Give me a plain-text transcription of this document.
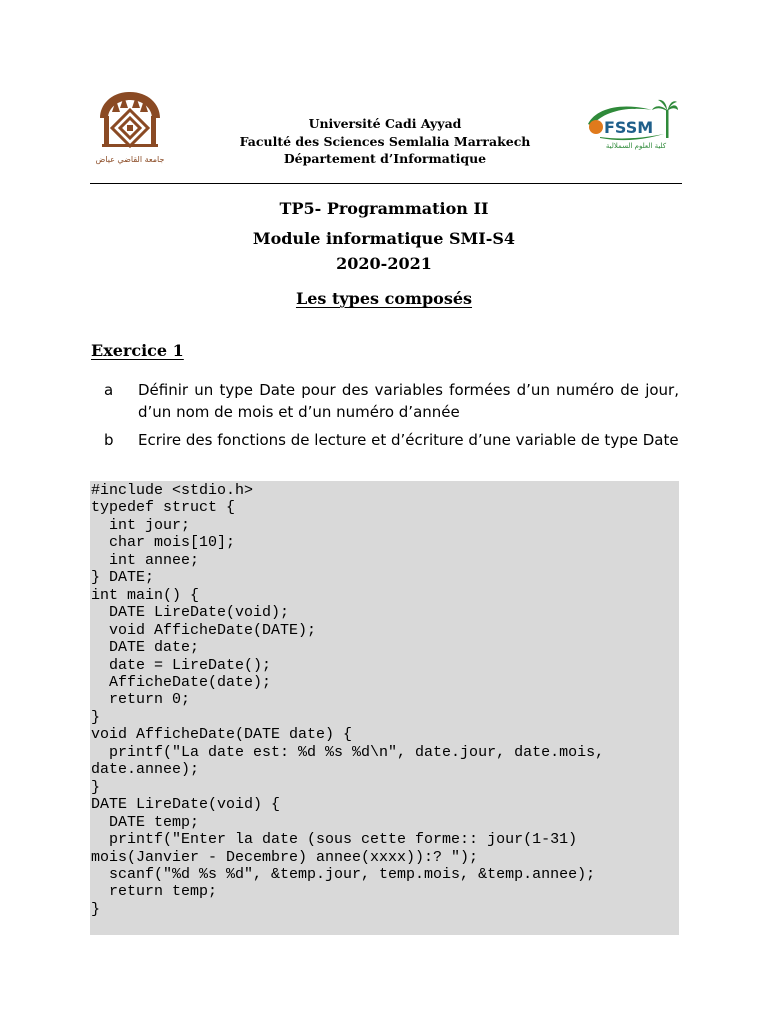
جامعة القاضي عياض
FSSM
كلية العلوم السملالية
Université Cadi Ayyad
Faculté des Sciences Semlalia Marrakech
Département d’Informatique
TP5- Programmation II
Module informatique SMI-S4
2020-2021
Les types composés
Exercice 1
a Définir un type Date pour des variables formées d’un numéro de jour, d’un nom de mois et d’un numéro d’année
b Ecrire des fonctions de lecture et d’écriture d’une variable de type Date
#include <stdio.h>
typedef struct {
int jour;
char mois[10];
int annee;
} DATE;
int main() {
DATE LireDate(void);
void AfficheDate(DATE);
DATE date;
date = LireDate();
AfficheDate(date);
return 0;
}
void AfficheDate(DATE date) {
printf("La date est: %d %s %d\n", date.jour, date.mois,
date.annee);
}
DATE LireDate(void) {
DATE temp;
printf("Enter la date (sous cette forme:: jour(1-31)
mois(Janvier - Decembre) annee(xxxx)):? ");
scanf("%d %s %d", &temp.jour, temp.mois, &temp.annee);
return temp;
}
